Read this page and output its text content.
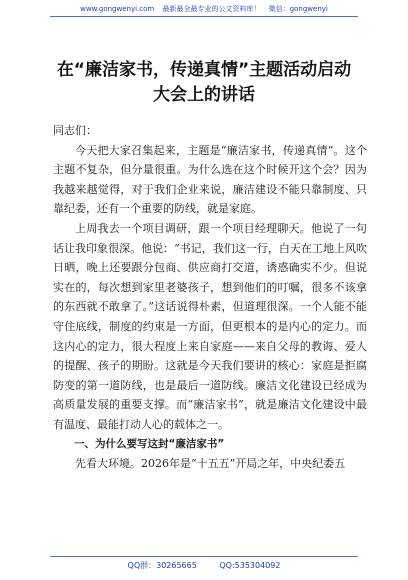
www.gongwenyi.com 最新最全最专业的公文资料库！ 微信：gongwenyi
在“廉洁家书，传递真情”主题活动启动
大会上的讲话

同志们：

今天把大家召集起来，主题是“廉洁家书，传递真情”。这个主题不复杂，但分量很重。为什么选在这个时候开这个会？因为我越来越觉得，对于我们企业来说，廉洁建设不能只靠制度、只靠纪委，还有一个重要的防线，就是家庭。

上周我去一个项目调研，跟一个项目经理聊天。他说了一句话让我印象很深。他说：“书记，我们这一行，白天在工地上风吹日晒，晚上还要跟分包商、供应商打交道，诱惑确实不少。但说实在的，每次想到家里老婆孩子，想到他们的叮嘱，很多不该拿的东西就不敢拿了。”这话说得朴素，但道理很深。一个人能不能守住底线，制度的约束是一方面，但更根本的是内心的定力。而这内心的定力，很大程度上来自家庭——来自父母的教诲、爱人的提醒、孩子的期盼。这就是今天我们要讲的核心：家庭是拒腐防变的第一道防线，也是最后一道防线。廉洁文化建设已经成为高质量发展的重要支撑。而“廉洁家书”，就是廉洁文化建设中最有温度、最能打动人心的载体之一。

一、为什么要写这封“廉洁家书”

先看大环境。2026年是“十五五”开局之年，中央纪委五

QQ群：30265665	QQ:535304092
